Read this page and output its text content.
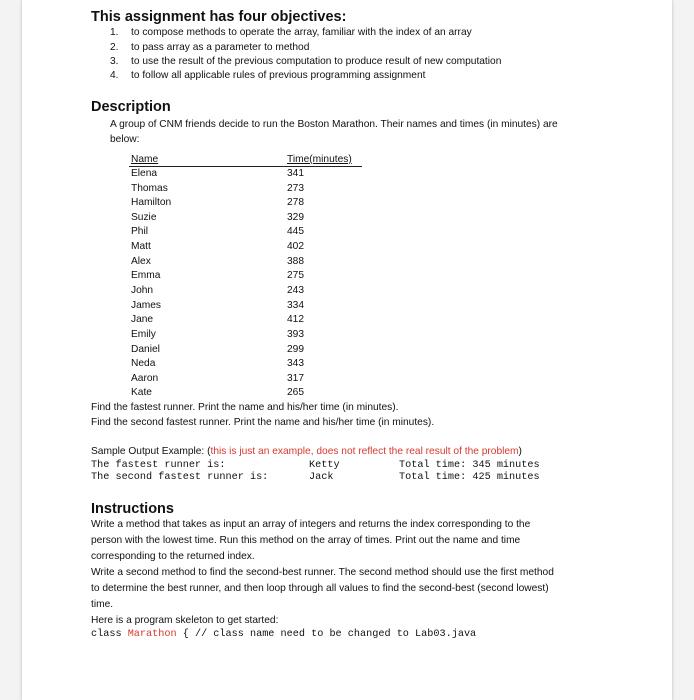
This assignment has four objectives:
1. to compose methods to operate the array, familiar with the index of an array
2. to pass array as a parameter to method
3. to use the result of the previous computation to produce result of new computation
4. to follow all applicable rules of previous programming assignment
Description
A group of CNM friends decide to run the Boston Marathon. Their names and times (in minutes) are
below:
Name	Time(minutes)
Elena	341
Thomas	273
Hamilton	278
Suzie	329
Phil	445
Matt	402
Alex	388
Emma	275
John	243
James	334
Jane	412
Emily	393
Daniel	299
Neda	343
Aaron	317
Kate	265
Find the fastest runner. Print the name and his/her time (in minutes).
Find the second fastest runner. Print the name and his/her time (in minutes).
Sample Output Example: (this is just an example, does not reflect the real result of the problem)
The fastest runner is:	Ketty	Total time: 345 minutes
The second fastest runner is:	Jack	Total time: 425 minutes
Instructions
Write a method that takes as input an array of integers and returns the index corresponding to the
person with the lowest time. Run this method on the array of times. Print out the name and time
corresponding to the returned index.
Write a second method to find the second-best runner. The second method should use the first method
to determine the best runner, and then loop through all values to find the second-best (second lowest)
time.
Here is a program skeleton to get started:
class Marathon { // class name need to be changed to Lab03.java
